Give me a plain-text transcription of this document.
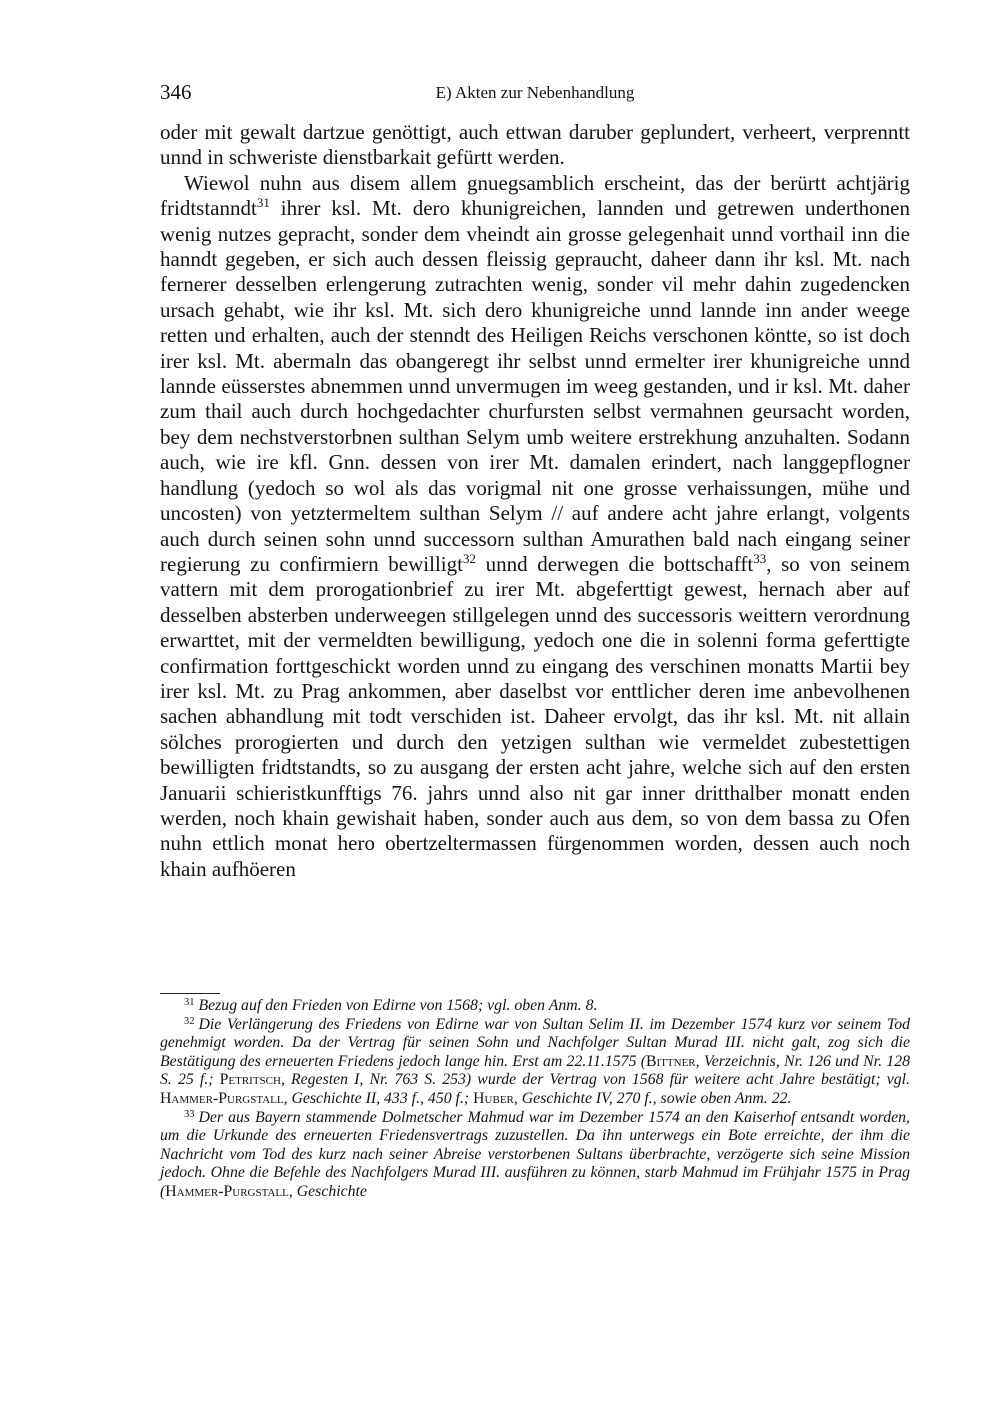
346	E) Akten zur Nebenhandlung

oder mit gewalt dartzue genöttigt, auch ettwan daruber geplundert, verheert, verprenntt unnd in schweriste dienstbarkait gefürtt werden.

Wiewol nuhn aus disem allem gnuegsamblich erscheint, das der berürtt achtjärig fridtstanndt$^{31}$ ihrer ksl. Mt. dero khunigreichen, lannden und getrewen underthonen wenig nutzes gepracht, sonder dem vheindt ain grosse gelegenhait unnd vorthail inn die hanndt gegeben, er sich auch dessen fleissig gepraucht, daheer dann ihr ksl. Mt. nach fernerer desselben erlengerung zutrachten wenig, sonder vil mehr dahin zugedencken ursach gehabt, wie ihr ksl. Mt. sich dero khunigreiche unnd lannde inn ander weege retten und erhalten, auch der stenndt des Heiligen Reichs verschonen köntte, so ist doch irer ksl. Mt. abermaln das obangeregt ihr selbst unnd ermelter irer khunigreiche unnd lannde eüsserstes abnemmen unnd unvermugen im weeg gestanden, und ir ksl. Mt. daher zum thail auch durch hochgedachter churfursten selbst vermahnen geursacht worden, bey dem nechstverstorbnen sulthan Selym umb weitere erstrekhung anzuhalten. Sodann auch, wie ire kfl. Gnn. dessen von irer Mt. damalen erindert, nach langgepflogner handlung (yedoch so wol als das vorigmal nit one grosse verhaissungen, mühe und uncosten) von yetztermeltem sulthan Selym // auf andere acht jahre erlangt, volgents auch durch seinen sohn unnd successorn sulthan Amurathen bald nach eingang seiner regierung zu confirmiern bewilligt$^{32}$ unnd derwegen die bottschafft$^{33}$, so von seinem vattern mit dem prorogationbrief zu irer Mt. abgeferttigt gewest, hernach aber auf desselben absterben underweegen stillgelegen unnd des successoris weittern verordnung erwarttet, mit der vermeldten bewilligung, yedoch one die in solenni forma geferttigte confirmation forttgeschickt worden unnd zu eingang des verschinen monatts Martii bey irer ksl. Mt. zu Prag ankommen, aber daselbst vor enttlicher deren ime anbevolhenen sachen abhandlung mit todt verschiden ist. Daheer ervolgt, das ihr ksl. Mt. nit allain sölches prorogierten und durch den yetzigen sulthan wie vermeldet zubestettigen bewilligten fridtstandts, so zu ausgang der ersten acht jahre, welche sich auf den ersten Januarii schieristkunfftigs 76. jahrs unnd also nit gar inner dritthalber monatt enden werden, noch khain gewishait haben, sonder auch aus dem, so von dem bassa zu Ofen nuhn ettlich monat hero obertzeltermassen fürgenommen worden, dessen auch noch khain aufhöeren

$^{31}$ Bezug auf den Frieden von Edirne von 1568; vgl. oben Anm. 8.

$^{32}$ Die Verlängerung des Friedens von Edirne war von Sultan Selim II. im Dezember 1574 kurz vor seinem Tod genehmigt worden. Da der Vertrag für seinen Sohn und Nachfolger Sultan Murad III. nicht galt, zog sich die Bestätigung des erneuerten Friedens jedoch lange hin. Erst am 22.11.1575 (Bittner, Verzeichnis, Nr. 126 und Nr. 128 S. 25 f.; Petritsch, Regesten I, Nr. 763 S. 253) wurde der Vertrag von 1568 für weitere acht Jahre bestätigt; vgl. Hammer-Purgstall, Geschichte II, 433 f., 450 f.; Huber, Geschichte IV, 270 f., sowie oben Anm. 22.

$^{33}$ Der aus Bayern stammende Dolmetscher Mahmud war im Dezember 1574 an den Kaiserhof entsandt worden, um die Urkunde des erneuerten Friedensvertrags zuzustellen. Da ihn unterwegs ein Bote erreichte, der ihm die Nachricht vom Tod des kurz nach seiner Abreise verstorbenen Sultans überbrachte, verzögerte sich seine Mission jedoch. Ohne die Befehle des Nachfolgers Murad III. ausführen zu können, starb Mahmud im Frühjahr 1575 in Prag (Hammer-Purgstall, Geschichte
